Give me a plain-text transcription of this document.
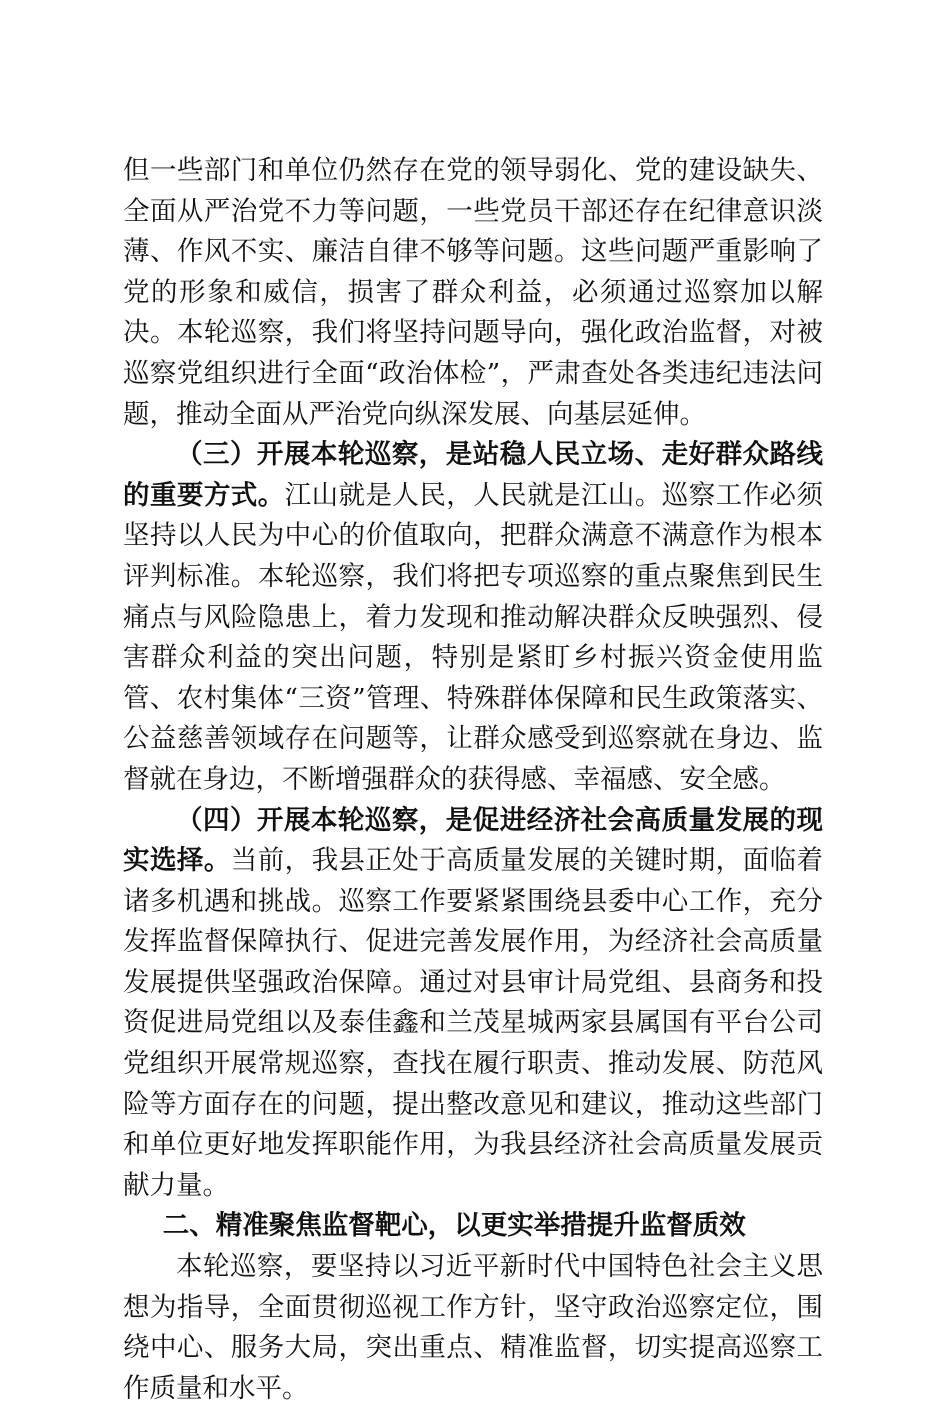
但一些部门和单位仍然存在党的领导弱化、党的建设缺失、全面从严治党不力等问题，一些党员干部还存在纪律意识淡薄、作风不实、廉洁自律不够等问题。这些问题严重影响了党的形象和威信，损害了群众利益，必须通过巡察加以解决。本轮巡察，我们将坚持问题导向，强化政治监督，对被巡察党组织进行全面“政治体检”，严肃查处各类违纪违法问题，推动全面从严治党向纵深发展、向基层延伸。

（三）开展本轮巡察，是站稳人民立场、走好群众路线的重要方式。江山就是人民，人民就是江山。巡察工作必须坚持以人民为中心的价值取向，把群众满意不满意作为根本评判标准。本轮巡察，我们将把专项巡察的重点聚焦到民生痛点与风险隐患上，着力发现和推动解决群众反映强烈、侵害群众利益的突出问题，特别是紧盯乡村振兴资金使用监管、农村集体“三资”管理、特殊群体保障和民生政策落实、公益慈善领域存在问题等，让群众感受到巡察就在身边、监督就在身边，不断增强群众的获得感、幸福感、安全感。

（四）开展本轮巡察，是促进经济社会高质量发展的现实选择。当前，我县正处于高质量发展的关键时期，面临着诸多机遇和挑战。巡察工作要紧紧围绕县委中心工作，充分发挥监督保障执行、促进完善发展作用，为经济社会高质量发展提供坚强政治保障。通过对县审计局党组、县商务和投资促进局党组以及泰佳鑫和兰茂星城两家县属国有平台公司党组织开展常规巡察，查找在履行职责、推动发展、防范风险等方面存在的问题，提出整改意见和建议，推动这些部门和单位更好地发挥职能作用，为我县经济社会高质量发展贡献力量。

二、精准聚焦监督靶心，以更实举措提升监督质效

本轮巡察，要坚持以习近平新时代中国特色社会主义思想为指导，全面贯彻巡视工作方针，坚守政治巡察定位，围绕中心、服务大局，突出重点、精准监督，切实提高巡察工作质量和水平。
